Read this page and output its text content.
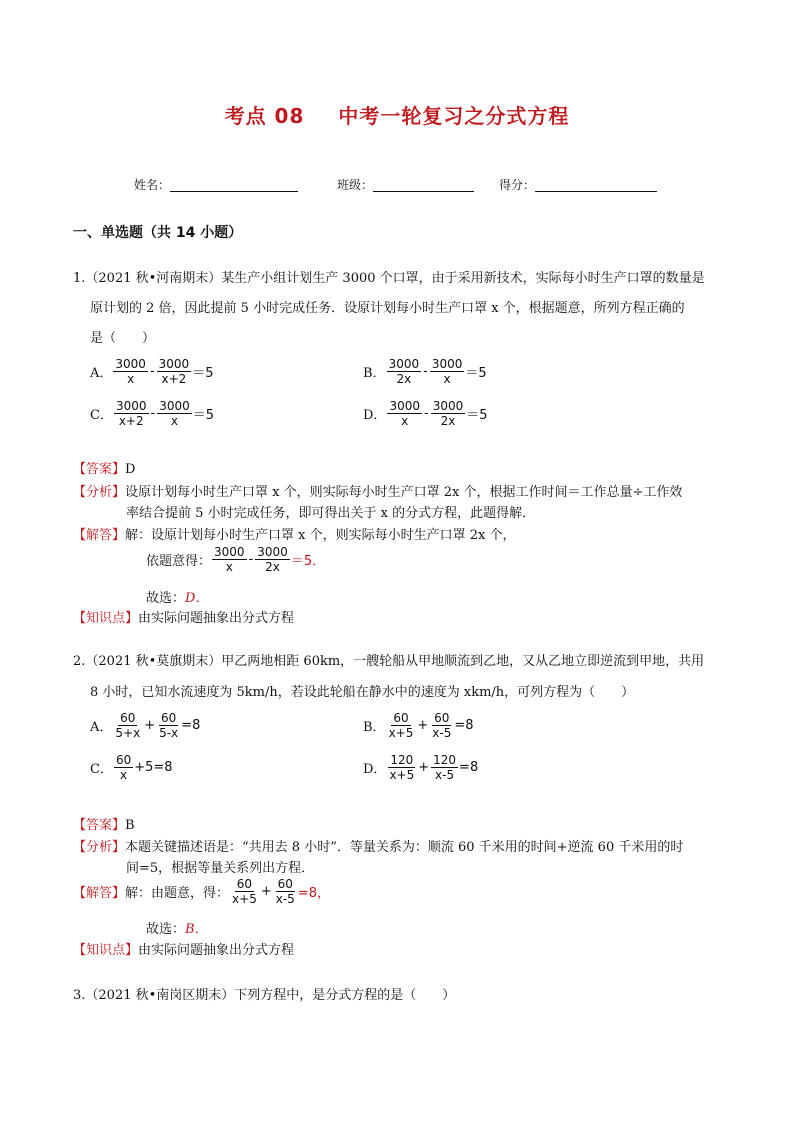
考点 08 中考一轮复习之分式方程
姓名：	班级：	得分：
一、单选题（共 14 小题）
1.（2021 秋•河南期末）某生产小组计划生产 3000 个口罩，由于采用新技术，实际每小时生产口罩的数量是
原计划的 2 倍，因此提前 5 小时完成任务．设原计划每小时生产口罩 x 个，根据题意，所列方程正确的
是（　　）
A． $\frac{3000}{x} - \frac{3000}{x+2} =5$	B． $\frac{3000}{2x} - \frac{3000}{x} =5$
C． $\frac{3000}{x+2} - \frac{3000}{x} =5$	D． $\frac{3000}{x} - \frac{3000}{2x} =5$
【答案】D
【分析】设原计划每小时生产口罩 x 个，则实际每小时生产口罩 2x 个，根据工作时间＝工作总量÷工作效
率结合提前 5 小时完成任务，即可得出关于 x 的分式方程，此题得解．
【解答】解：设原计划每小时生产口罩 x 个，则实际每小时生产口罩 2x 个，
依题意得： $\frac{3000}{x} - \frac{3000}{2x} =5$．
故选：D．
【知识点】由实际问题抽象出分式方程
2.（2021 秋•莫旗期末）甲乙两地相距 60km，一艘轮船从甲地顺流到乙地，又从乙地立即逆流到甲地，共用
8 小时，已知水流速度为 5km/h，若设此轮船在静水中的速度为 xkm/h，可列方程为（　　）
A． $\frac{60}{5+x} + \frac{60}{5-x} =8$	B． $\frac{60}{x+5} + \frac{60}{x-5} =8$
C． $\frac{60}{x} +5=8$	D． $\frac{120}{x+5} + \frac{120}{x-5} =8$
【答案】B
【分析】本题关键描述语是：“共用去 8 小时”．等量关系为：顺流 60 千米用的时间+逆流 60 千米用的时
间=5，根据等量关系列出方程．
【解答】 解：由题意，得： $\frac{60}{x+5} + \frac{60}{x-5} =8$，
故选：B．
【知识点】由实际问题抽象出分式方程
3.（2021 秋•南岗区期末）下列方程中，是分式方程的是（　　）
